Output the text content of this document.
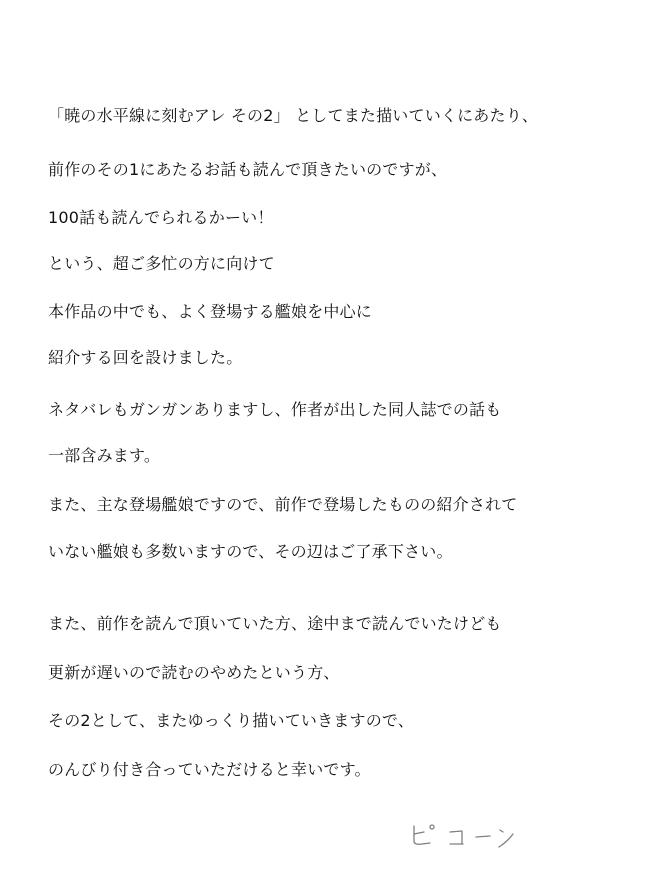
「暁の水平線に刻むアレ その2」 としてまた描いていくにあたり、
前作のその1にあたるお話も読んで頂きたいのですが、
100話も読んでられるかーい！
という、超ご多忙の方に向けて
本作品の中でも、よく登場する艦娘を中心に
紹介する回を設けました。
ネタバレもガンガンありますし、作者が出した同人誌での話も
一部含みます。
また、主な登場艦娘ですので、前作で登場したものの紹介されて
いない艦娘も多数いますので、その辺はご了承下さい。
また、前作を読んで頂いていた方、途中まで読んでいたけども
更新が遅いので読むのやめたという方、
その2として、またゆっくり描いていきますので、
のんびり付き合っていただけると幸いです。
